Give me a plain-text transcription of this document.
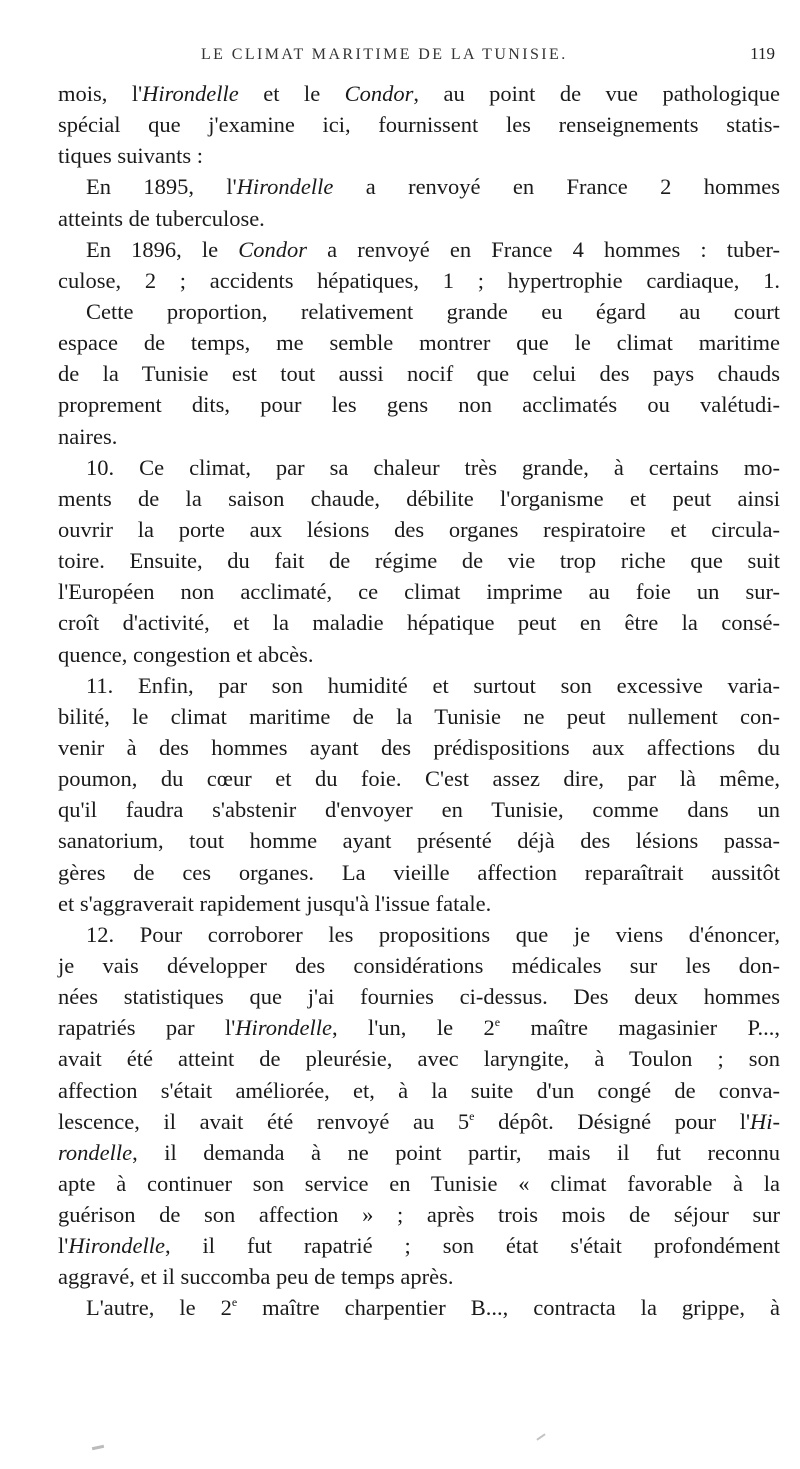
LE CLIMAT MARITIME DE LA TUNISIE.	119
mois, l'Hirondelle et le Condor, au point de vue pathologique
spécial que j'examine ici, fournissent les renseignements statis-
tiques suivants :
En 1895, l'Hirondelle a renvoyé en France 2 hommes
atteints de tuberculose.
En 1896, le Condor a renvoyé en France 4 hommes : tuber-
culose, 2 ; accidents hépatiques, 1 ; hypertrophie cardiaque, 1.
Cette proportion, relativement grande eu égard au court
espace de temps, me semble montrer que le climat maritime
de la Tunisie est tout aussi nocif que celui des pays chauds
proprement dits, pour les gens non acclimatés ou valétudi-
naires.
10. Ce climat, par sa chaleur très grande, à certains mo-
ments de la saison chaude, débilite l'organisme et peut ainsi
ouvrir la porte aux lésions des organes respiratoire et circula-
toire. Ensuite, du fait de régime de vie trop riche que suit
l'Européen non acclimaté, ce climat imprime au foie un sur-
croît d'activité, et la maladie hépatique peut en être la consé-
quence, congestion et abcès.
11. Enfin, par son humidité et surtout son excessive varia-
bilité, le climat maritime de la Tunisie ne peut nullement con-
venir à des hommes ayant des prédispositions aux affections du
poumon, du cœur et du foie. C'est assez dire, par là même,
qu'il faudra s'abstenir d'envoyer en Tunisie, comme dans un
sanatorium, tout homme ayant présenté déjà des lésions passa-
gères de ces organes. La vieille affection reparaîtrait aussitôt
et s'aggraverait rapidement jusqu'à l'issue fatale.
12. Pour corroborer les propositions que je viens d'énoncer,
je vais développer des considérations médicales sur les don-
nées statistiques que j'ai fournies ci-dessus. Des deux hommes
rapatriés par l'Hirondelle, l'un, le 2e maître magasinier P...,
avait été atteint de pleurésie, avec laryngite, à Toulon ; son
affection s'était améliorée, et, à la suite d'un congé de conva-
lescence, il avait été renvoyé au 5e dépôt. Désigné pour l'Hi-
rondelle, il demanda à ne point partir, mais il fut reconnu
apte à continuer son service en Tunisie « climat favorable à la
guérison de son affection » ; après trois mois de séjour sur
l'Hirondelle, il fut rapatrié ; son état s'était profondément
aggravé, et il succomba peu de temps après.
L'autre, le 2e maître charpentier B..., contracta la grippe, à
